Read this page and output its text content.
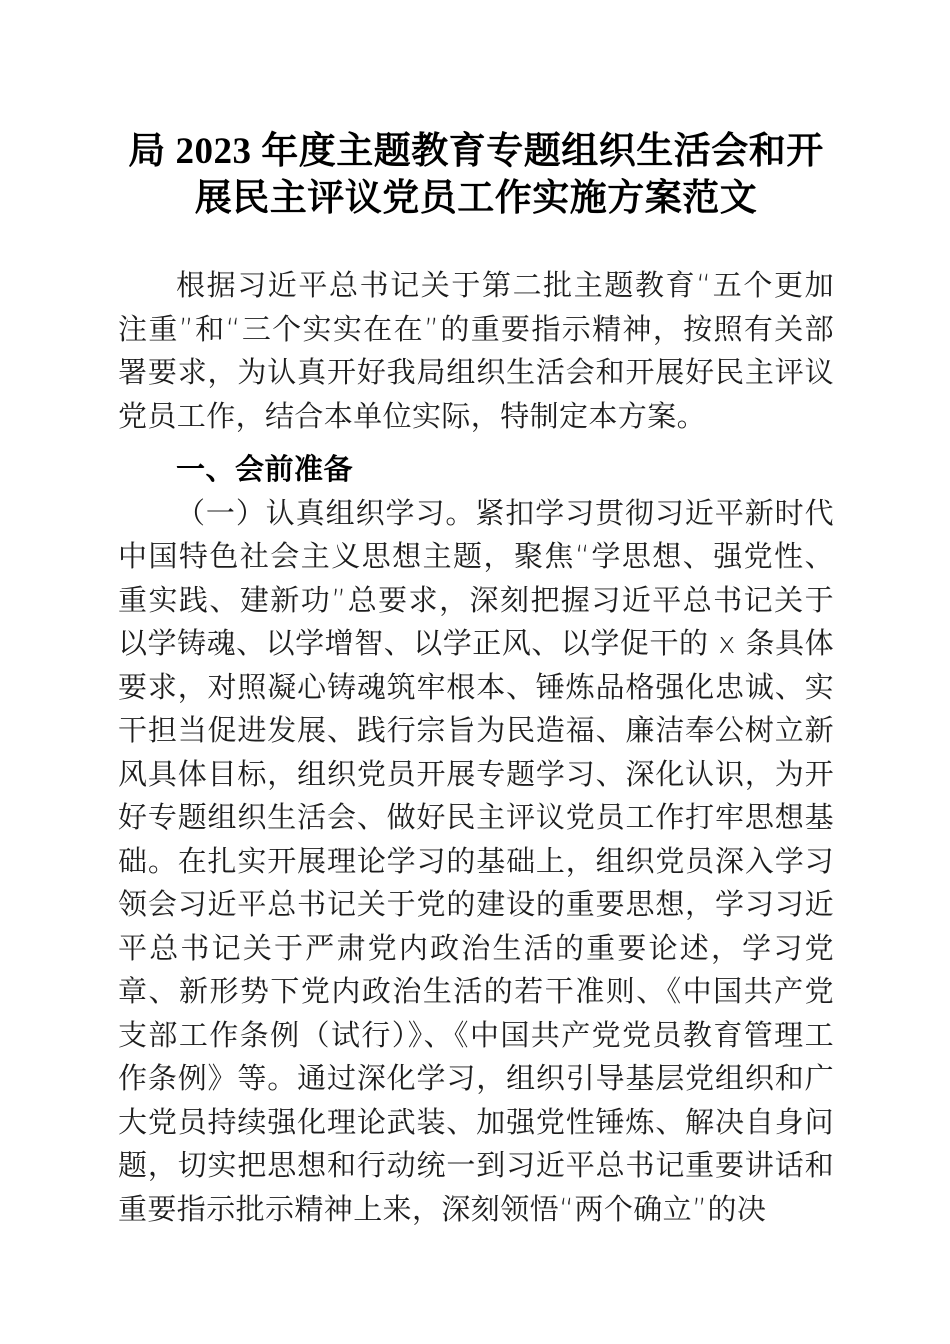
局 2023 年度主题教育专题组织生活会和开展民主评议党员工作实施方案范文

根据习近平总书记关于第二批主题教育“五个更加注重”和“三个实实在在”的重要指示精神，按照有关部署要求，为认真开好我局组织生活会和开展好民主评议党员工作，结合本单位实际，特制定本方案。

一、会前准备

（一）认真组织学习。紧扣学习贯彻习近平新时代中国特色社会主义思想主题，聚焦“学思想、强党性、重实践、建新功”总要求，深刻把握习近平总书记关于以学铸魂、以学增智、以学正风、以学促干的 x 条具体要求，对照凝心铸魂筑牢根本、锤炼品格强化忠诚、实干担当促进发展、践行宗旨为民造福、廉洁奉公树立新风具体目标，组织党员开展专题学习、深化认识，为开好专题组织生活会、做好民主评议党员工作打牢思想基础。在扎实开展理论学习的基础上，组织党员深入学习领会习近平总书记关于党的建设的重要思想，学习习近平总书记关于严肃党内政治生活的重要论述，学习党章、新形势下党内政治生活的若干准则、《中国共产党支部工作条例（试行）》、《中国共产党党员教育管理工作条例》等。通过深化学习，组织引导基层党组织和广大党员持续强化理论武装、加强党性锤炼、解决自身问题，切实把思想和行动统一到习近平总书记重要讲话和重要指示批示精神上来，深刻领悟“两个确立”的决
